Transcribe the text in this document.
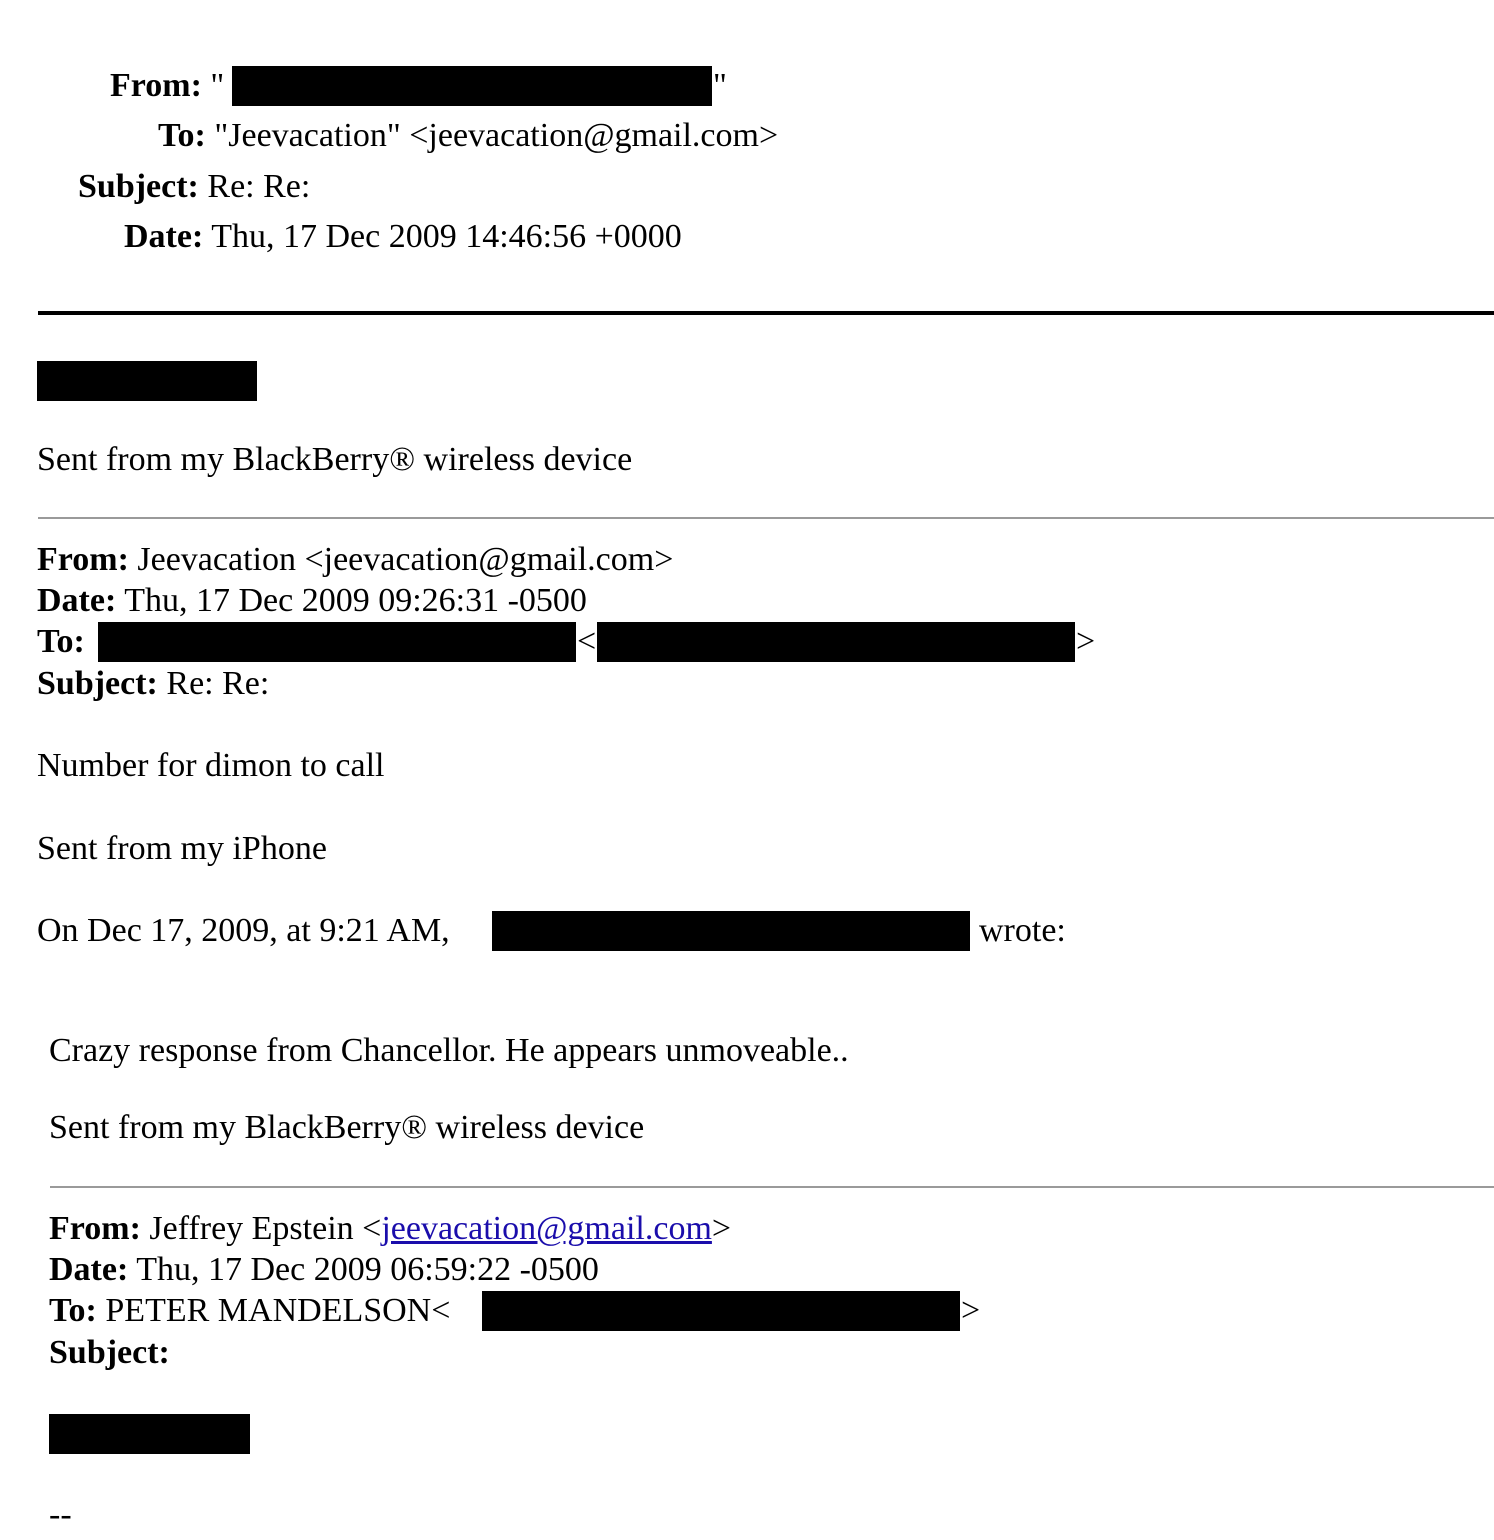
From: "	"
To: "Jeevacation" <jeevacation@gmail.com>
Subject: Re: Re:
Date: Thu, 17 Dec 2009 14:46:56 +0000
Sent from my BlackBerry® wireless device
From: Jeevacation <jeevacation@gmail.com>
Date: Thu, 17 Dec 2009 09:26:31 -0500
To:	<	>
Subject: Re: Re:
Number for dimon to call
Sent from my iPhone
On Dec 17, 2009, at 9:21 AM,	wrote:
Crazy response from Chancellor. He appears unmoveable..
Sent from my BlackBerry® wireless device
From: Jeffrey Epstein <jeevacation@gmail.com>
Date: Thu, 17 Dec 2009 06:59:22 -0500
To: PETER MANDELSON<	>
Subject:
--
